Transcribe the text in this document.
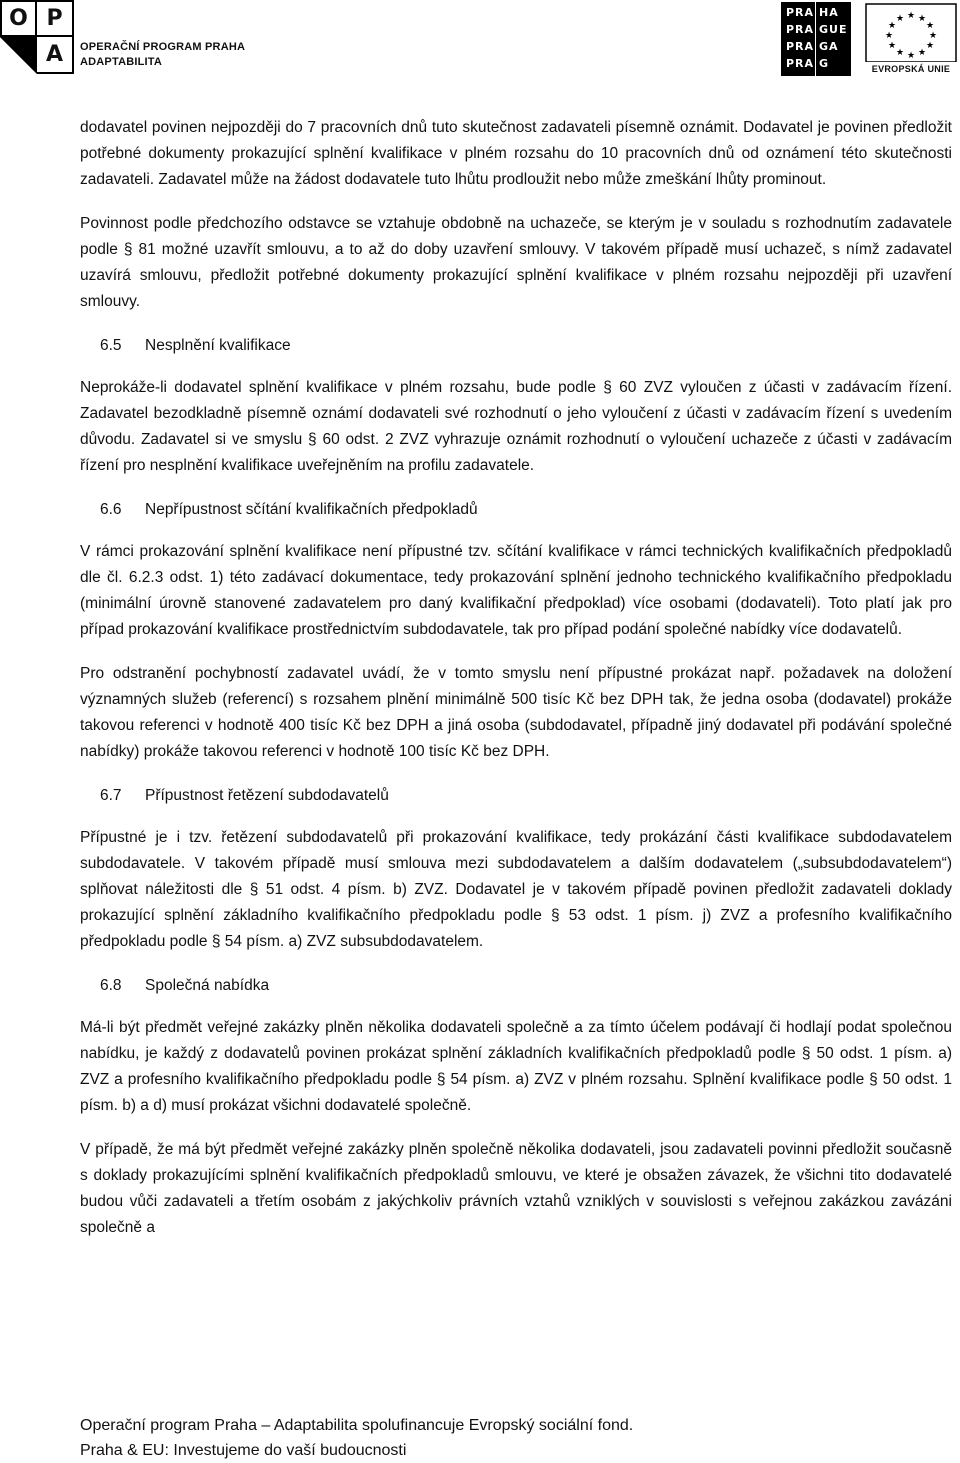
O P
A	OPERAČNÍ PROGRAM PRAHA
ADAPTABILITA
PRA HA
PRA GUE
PRA GA
PRA G
★ ★
★
★
★
★
★
★
★
★
★
★
EVROPSKÁ UNIE

dodavatel povinen nejpozději do 7 pracovních dnů tuto skutečnost zadavateli písemně oznámit. Dodavatel je povinen předložit potřebné dokumenty prokazující splnění kvalifikace v plném rozsahu do 10 pracovních dnů od oznámení této skutečnosti zadavateli. Zadavatel může na žádost dodavatele tuto lhůtu prodloužit nebo může zmeškání lhůty prominout.

Povinnost podle předchozího odstavce se vztahuje obdobně na uchazeče, se kterým je v souladu s rozhodnutím zadavatele podle § 81 možné uzavřít smlouvu, a to až do doby uzavření smlouvy. V takovém případě musí uchazeč, s nímž zadavatel uzavírá smlouvu, předložit potřebné dokumenty prokazující splnění kvalifikace v plném rozsahu nejpozději při uzavření smlouvy.

6.5 Nesplnění kvalifikace

Neprokáže-li dodavatel splnění kvalifikace v plném rozsahu, bude podle § 60 ZVZ vyloučen z účasti v zadávacím řízení. Zadavatel bezodkladně písemně oznámí dodavateli své rozhodnutí o jeho vyloučení z účasti v zadávacím řízení s uvedením důvodu. Zadavatel si ve smyslu § 60 odst. 2 ZVZ vyhrazuje oznámit rozhodnutí o vyloučení uchazeče z účasti v zadávacím řízení pro nesplnění kvalifikace uveřejněním na profilu zadavatele.

6.6 Nepřípustnost sčítání kvalifikačních předpokladů

V rámci prokazování splnění kvalifikace není přípustné tzv. sčítání kvalifikace v rámci technických kvalifikačních předpokladů dle čl. 6.2.3 odst. 1) této zadávací dokumentace, tedy prokazování splnění jednoho technického kvalifikačního předpokladu (minimální úrovně stanovené zadavatelem pro daný kvalifikační předpoklad) více osobami (dodavateli). Toto platí jak pro případ prokazování kvalifikace prostřednictvím subdodavatele, tak pro případ podání společné nabídky více dodavatelů.

Pro odstranění pochybností zadavatel uvádí, že v tomto smyslu není přípustné prokázat např. požadavek na doložení významných služeb (referencí) s rozsahem plnění minimálně 500 tisíc Kč bez DPH tak, že jedna osoba (dodavatel) prokáže takovou referenci v hodnotě 400 tisíc Kč bez DPH a jiná osoba (subdodavatel, případně jiný dodavatel při podávání společné nabídky) prokáže takovou referenci v hodnotě 100 tisíc Kč bez DPH.

6.7 Přípustnost řetězení subdodavatelů

Přípustné je i tzv. řetězení subdodavatelů při prokazování kvalifikace, tedy prokázání části kvalifikace subdodavatelem subdodavatele. V takovém případě musí smlouva mezi subdodavatelem a dalším dodavatelem („subsubdodavatelem“) splňovat náležitosti dle § 51 odst. 4 písm. b) ZVZ. Dodavatel je v takovém případě povinen předložit zadavateli doklady prokazující splnění základního kvalifikačního předpokladu podle § 53 odst. 1 písm. j) ZVZ a profesního kvalifikačního předpokladu podle § 54 písm. a) ZVZ subsubdodavatelem.

6.8 Společná nabídka

Má-li být předmět veřejné zakázky plněn několika dodavateli společně a za tímto účelem podávají či hodlají podat společnou nabídku, je každý z dodavatelů povinen prokázat splnění základních kvalifikačních předpokladů podle § 50 odst. 1 písm. a) ZVZ a profesního kvalifikačního předpokladu podle § 54 písm. a) ZVZ v plném rozsahu. Splnění kvalifikace podle § 50 odst. 1 písm. b) a d) musí prokázat všichni dodavatelé společně.

V případě, že má být předmět veřejné zakázky plněn společně několika dodavateli, jsou zadavateli povinni předložit současně s doklady prokazujícími splnění kvalifikačních předpokladů smlouvu, ve které je obsažen závazek, že všichni tito dodavatelé budou vůči zadavateli a třetím osobám z jakýchkoliv právních vztahů vzniklých v souvislosti s veřejnou zakázkou zavázáni společně a

Operační program Praha – Adaptabilita spolufinancuje Evropský sociální fond.
Praha & EU: Investujeme do vaší budoucnosti
